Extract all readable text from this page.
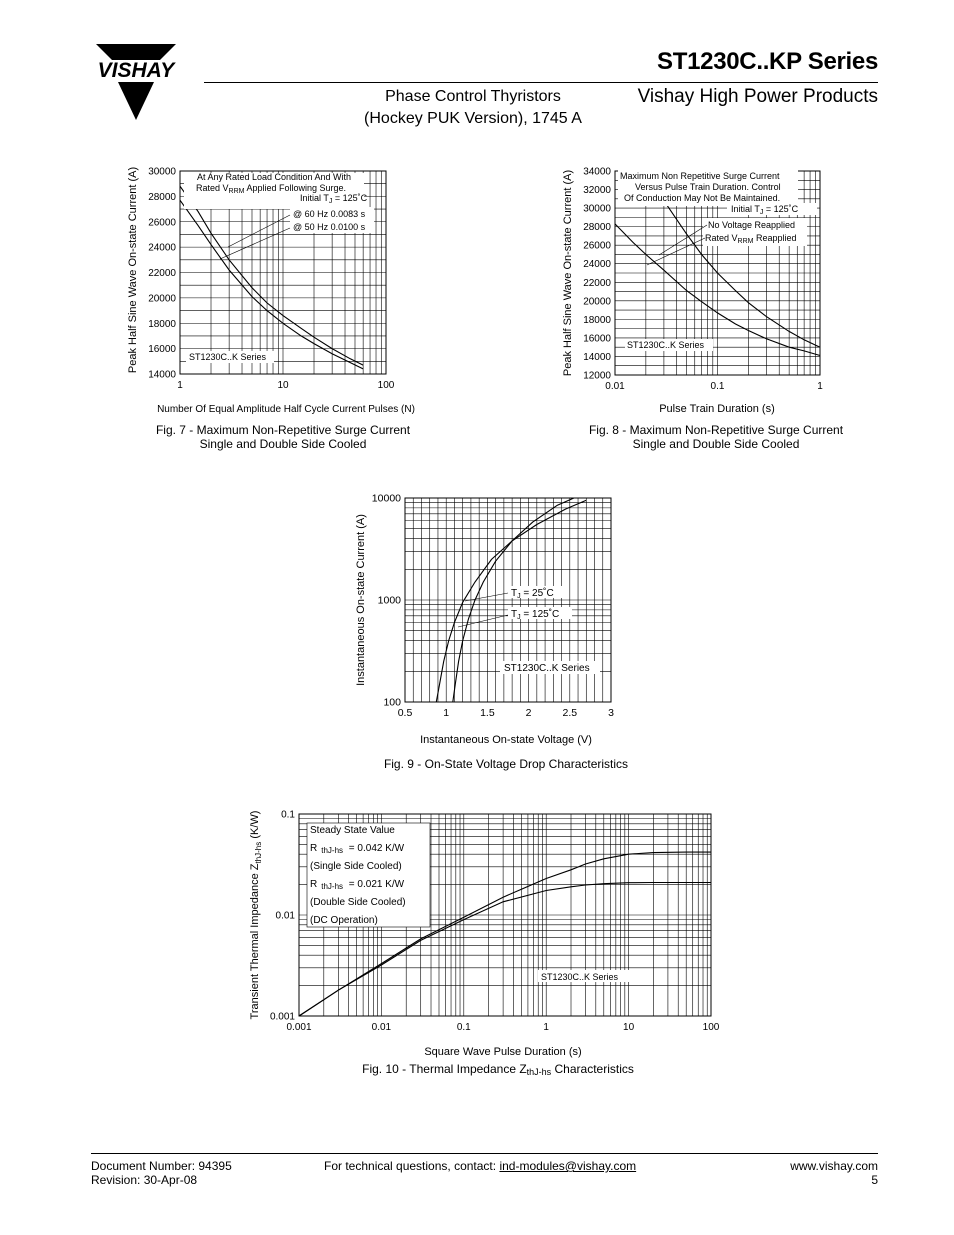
VISHAY	ST1230C..KP Series
Vishay High Power Products
Phase Control Thyristors
(Hockey PUK Version), 1745 A
1	10	100
14000
16000
18000
20000
22000
24000
26000
28000
30000
Peak Half Sine Wave On-state Current (A)
Number Of Equal Amplitude Half Cycle Current Pulses (N)
At Any Rated Load Condition And With
Rated $V_{RRM}$ Applied Following Surge.
Initial $T_J$ = 125˚C
@ 60 Hz 0.0083 s
@ 50 Hz 0.0100 s
ST1230C..K Series
Fig. 7 - Maximum Non-Repetitive Surge Current
Single and Double Side Cooled
0.01	0.1	1
12000
14000
16000
18000
20000
22000
24000
26000
28000
30000
32000
34000
Peak Half Sine Wave On-state Current (A)
Pulse Train Duration (s)
Maximum Non Repetitive Surge Current
Versus Pulse Train Duration. Control
Of Conduction May Not Be Maintained.
Initial $T_J$ = 125˚C
No Voltage Reapplied
Rated $V_{RRM}$ Reapplied
ST1230C..K Series
Fig. 8 - Maximum Non-Repetitive Surge Current
Single and Double Side Cooled
0.5	1	1.5	2	2.5	3
100
1000
10000
Instantaneous On-state Current (A)
Instantaneous On-state Voltage (V)
$T_J$ = 25˚C
$T_J$ = 125˚C
ST1230C..K Series
Fig. 9 - On-State Voltage Drop Characteristics
0.001	0.01	0.1	1	10	100
0.001
0.01
0.1
Transient Thermal Impedance $Z_{thJ-hs}$ (K/W)
Square Wave Pulse Duration (s)
Steady State Value
R $_{thJ-hs}$ = 0.042 K/W
(Single Side Cooled)
R $_{thJ-hs}$ = 0.021 K/W
(Double Side Cooled)
(DC Operation)
ST1230C..K Series
Fig. 10 - Thermal Impedance ZthJ-hs Characteristics
Document Number: 94395
Revision: 30-Apr-08
For technical questions, contact: ind-modules@vishay.com	www.vishay.com
5
